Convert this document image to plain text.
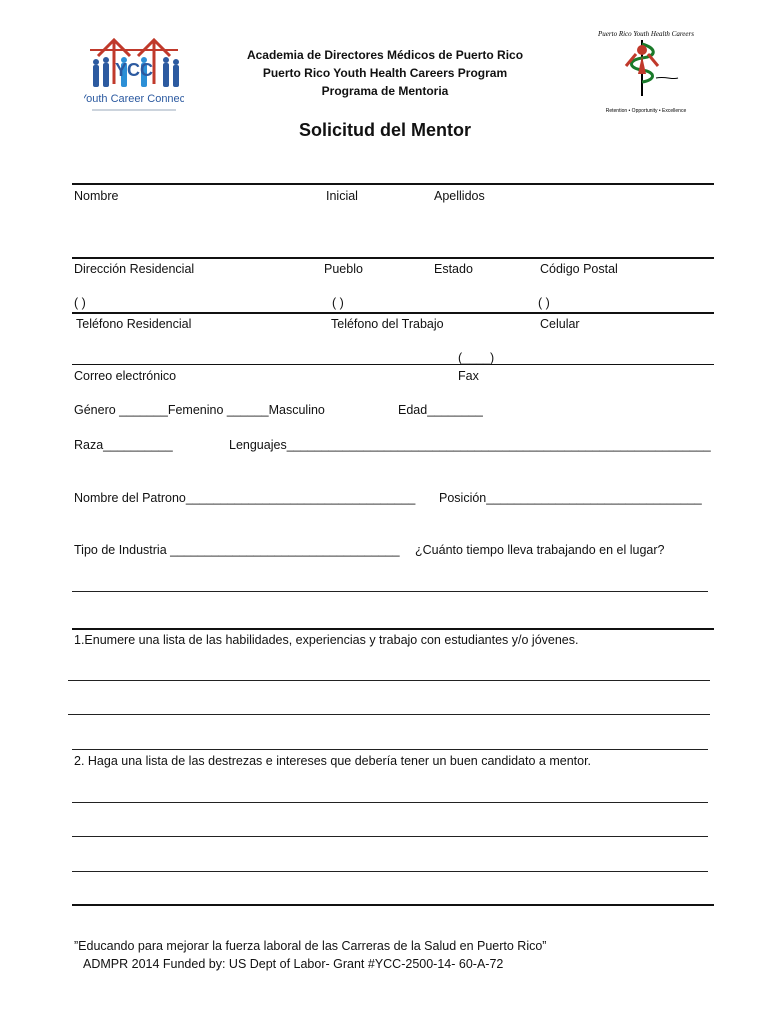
YCC
Youth Career Connect
Puerto Rico Youth Health Careers
Retention • Opportunity • Excellence
Academia de Directores Médicos de Puerto Rico
Puerto Rico Youth Health Careers Program
Programa de Mentoria
Solicitud del Mentor
Nombre	Inicial	Apellidos
Dirección Residencial	Pueblo	Estado	Código Postal
( )	( )	( )
Teléfono Residencial	Teléfono del Trabajo	Celular
(____)
Correo electrónico	Fax
Género _______Femenino ______Masculino	Edad________
Raza__________	Lenguajes_____________________________________________________________
Nombre del Patrono_________________________________	Posición_______________________________
Tipo de Industria _________________________________	¿Cuánto tiempo lleva trabajando en el lugar?
1.Enumere una lista de las habilidades, experiencias y trabajo con estudiantes y/o jóvenes.
2. Haga una lista de las destrezas e intereses que debería tener un buen candidato a mentor.
”Educando para mejorar la fuerza laboral de las Carreras de la Salud en Puerto Rico”
ADMPR 2014 Funded by: US Dept of Labor- Grant #YCC-2500-14- 60-A-72
